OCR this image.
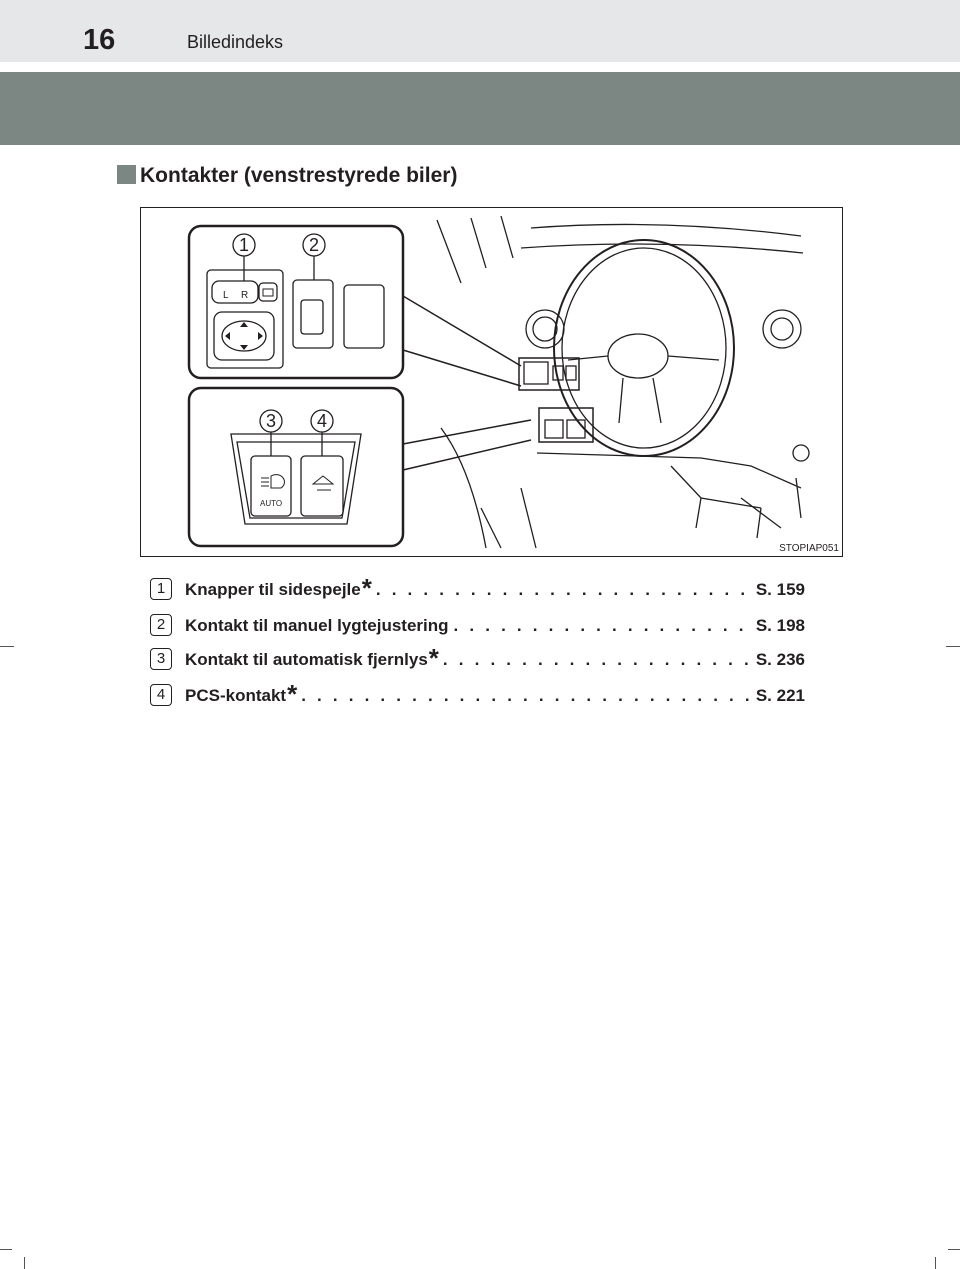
16	Billedindeks
Kontakter (venstrestyrede biler)
L R
AUTO
1	2
3 4
STOPIAP051
1	Knapper til sidespejle * . . .	S. 159
2	Kontakt til manuel lygtejustering . . .	S. 198
3	Kontakt til automatisk fjernlys * . . .	S. 236
4	PCS-kontakt * . . .	S. 221
